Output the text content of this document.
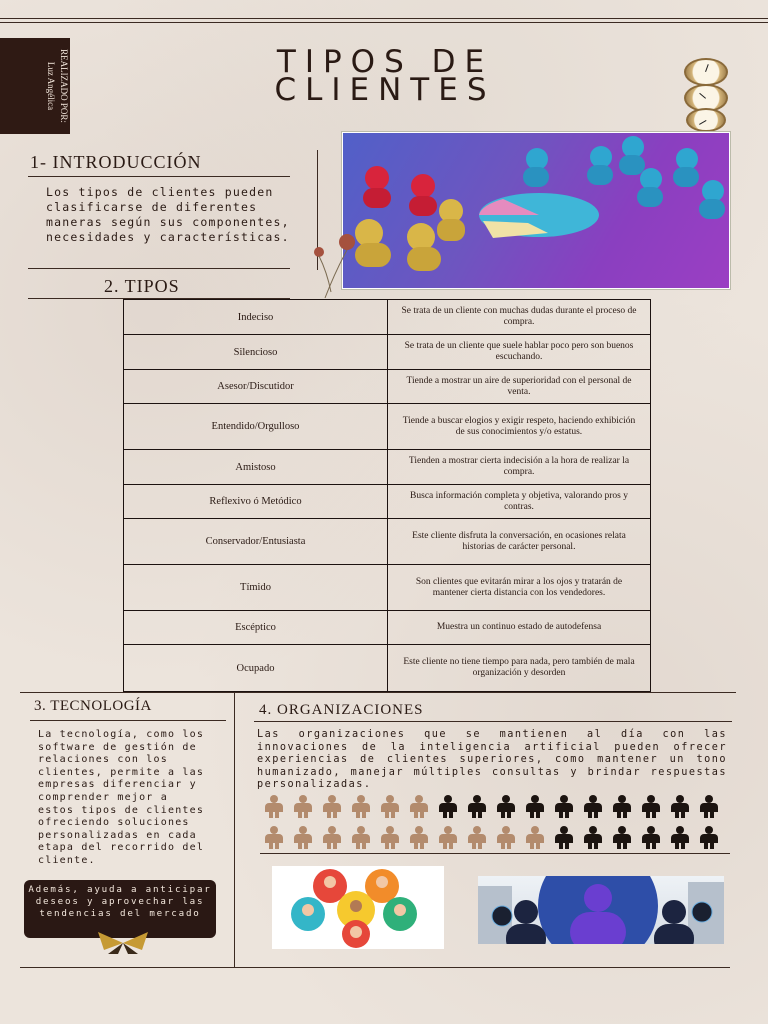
REALIZADO POR:
Luz Angélica	TIPOS DE
CLIENTES
1- INTRODUCCIÓN
Los tipos de clientes pueden clasificarse de diferentes maneras según sus componentes, necesidades y características.
2. TIPOS
Indeciso	Se trata de un cliente con muchas dudas durante el proceso de compra.
Silencioso	Se trata de un cliente que suele hablar poco pero son buenos escuchando.
Asesor/Discutidor	Tiende a mostrar un aire de superioridad con el personal de venta.
Entendido/Orgulloso	Tiende a buscar elogios y exigir respeto, haciendo exhibición de sus conocimientos y/o estatus.
Amistoso	Tienden a mostrar cierta indecisión a la hora de realizar la compra.
Reflexivo ó Metódico	Busca información completa y objetiva, valorando pros y contras.
Conservador/Entusiasta	Este cliente disfruta la conversación, en ocasiones relata historias de carácter personal.
Tímido	Son clientes que evitarán mirar a los ojos y tratarán de mantener cierta distancia con los vendedores.
Escéptico	Muestra un continuo estado de autodefensa
Ocupado	Este cliente no tiene tiempo para nada, pero también de mala organización y desorden
3. TECNOLOGÍA
La tecnología, como los software de gestión de relaciones con los clientes, permite a las empresas diferenciar y comprender mejor a estos tipos de clientes ofreciendo soluciones personalizadas en cada etapa del recorrido del cliente.
Además, ayuda a anticipar deseos y aprovechar las tendencias del mercado
4. ORGANIZACIONES
Las organizaciones que se mantienen al día con las innovaciones de la inteligencia artificial pueden ofrecer experiencias de clientes superiores, como mantener un tono humanizado, manejar múltiples consultas y brindar respuestas personalizadas.
